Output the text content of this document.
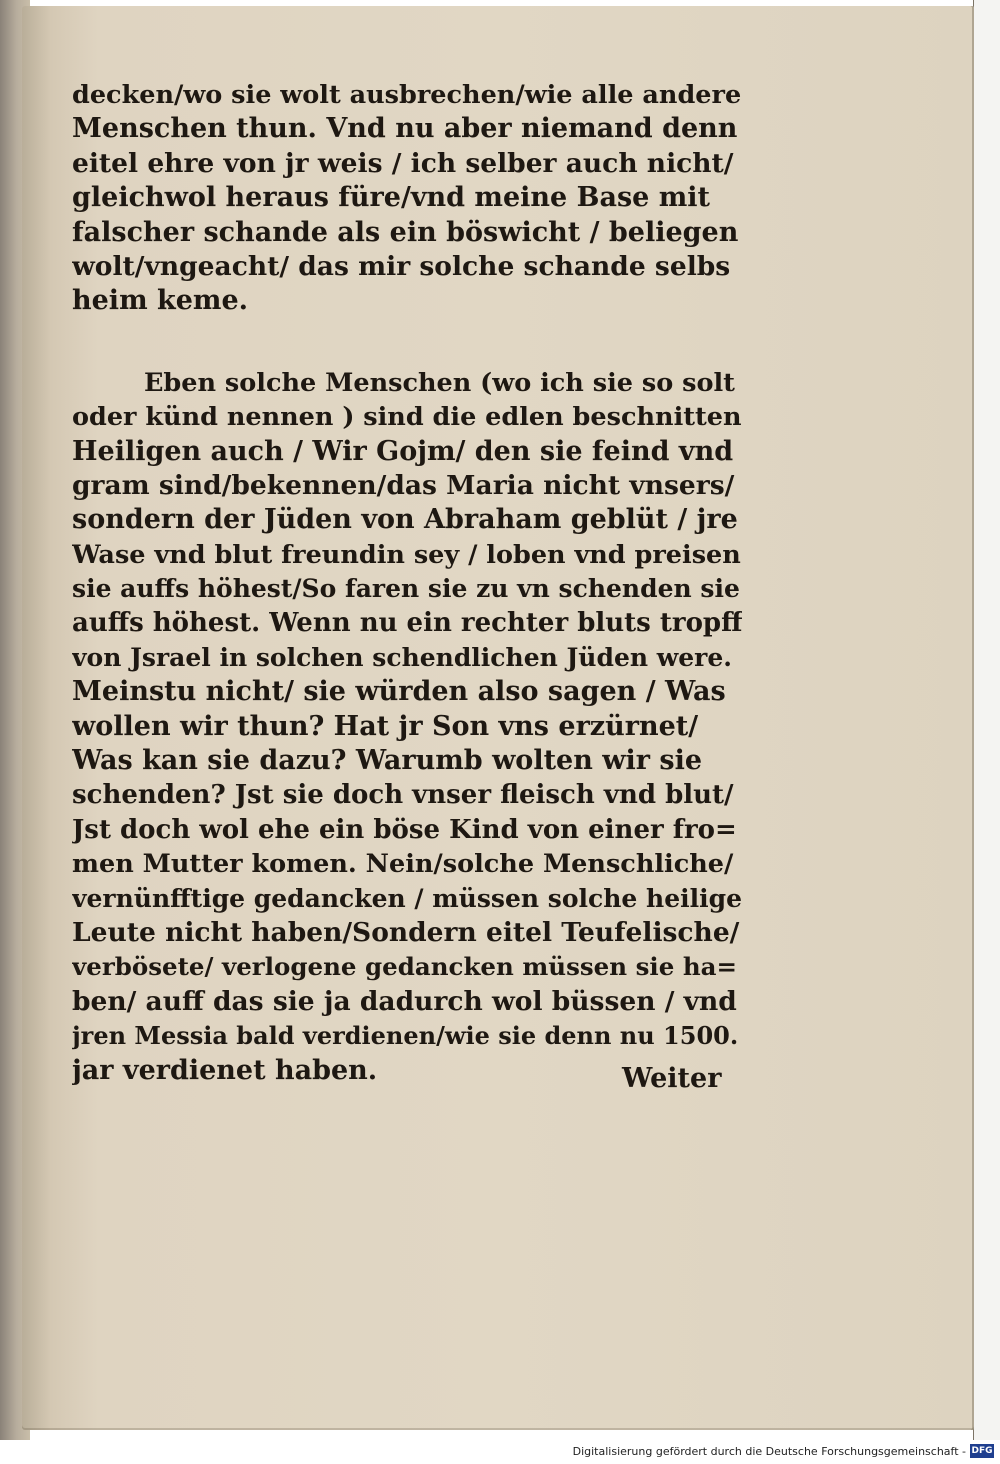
decken/wo sie wolt ausbrechen/wie alle andere
Menschen thun. Vnd nu aber niemand denn
eitel ehre von jr weis / ich selber auch nicht/
gleichwol heraus füre/vnd meine Base mit
falscher schande als ein böswicht / beliegen
wolt/vngeacht/ das mir solche schande selbs
heim keme.
Eben solche Menschen (wo ich sie so solt
oder künd nennen ) sind die edlen beschnitten
Heiligen auch / Wir Gojm/ den sie feind vnd
gram sind/bekennen/das Maria nicht vnsers/
sondern der Jüden von Abraham geblüt / jre
Wase vnd blut freundin sey / loben vnd preisen
sie auffs höhest/So faren sie zu vn schenden sie
auffs höhest. Wenn nu ein rechter bluts tropff
von Jsrael in solchen schendlichen Jüden were.
Meinstu nicht/ sie würden also sagen / Was
wollen wir thun? Hat jr Son vns erzürnet/
Was kan sie dazu? Warumb wolten wir sie
schenden? Jst sie doch vnser fleisch vnd blut/
Jst doch wol ehe ein böse Kind von einer fro=
men Mutter komen. Nein/solche Menschliche/
vernünfftige gedancken / müssen solche heilige
Leute nicht haben/Sondern eitel Teufelische/
verbösete/ verlogene gedancken müssen sie ha=
ben/ auff das sie ja dadurch wol büssen / vnd
jren Messia bald verdienen/wie sie denn nu 1500.
jar verdienet haben.	Weiter
Digitalisierung gefördert durch die Deutsche Forschungsgemeinschaft - DFG
